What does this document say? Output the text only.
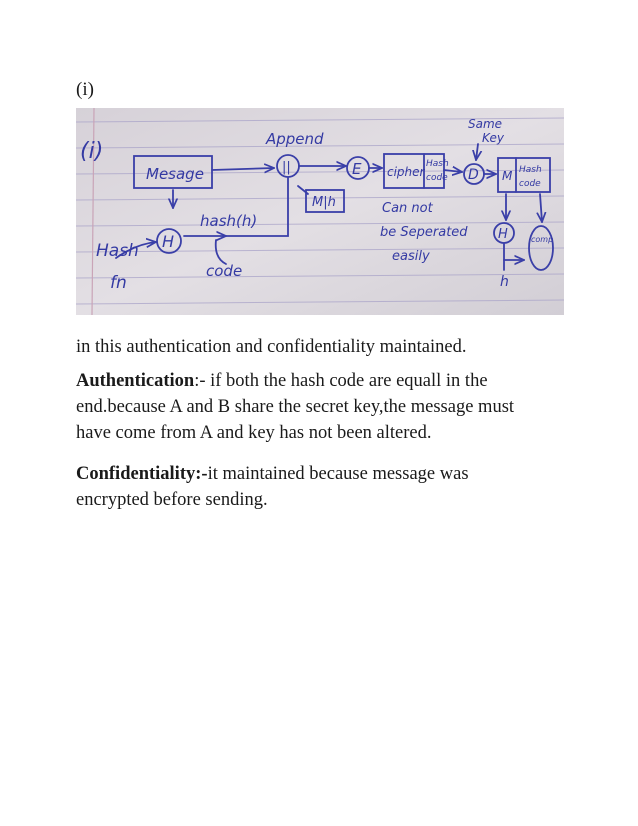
(i)
(i)
Mesage
Hash
fn
H
hash(h)
code
Append
||
M|h
E cipher
Hash
code D M Hash
code
Same
Key
Can not
be Seperated
easily
H
h
comp

in this authentication and confidentiality maintained.

Authentication:- if both the hash code are equall in the end.because A and B share the secret key,the message must have come from A and key has not been altered.

Confidentiality:-it maintained because message was encrypted before sending.
